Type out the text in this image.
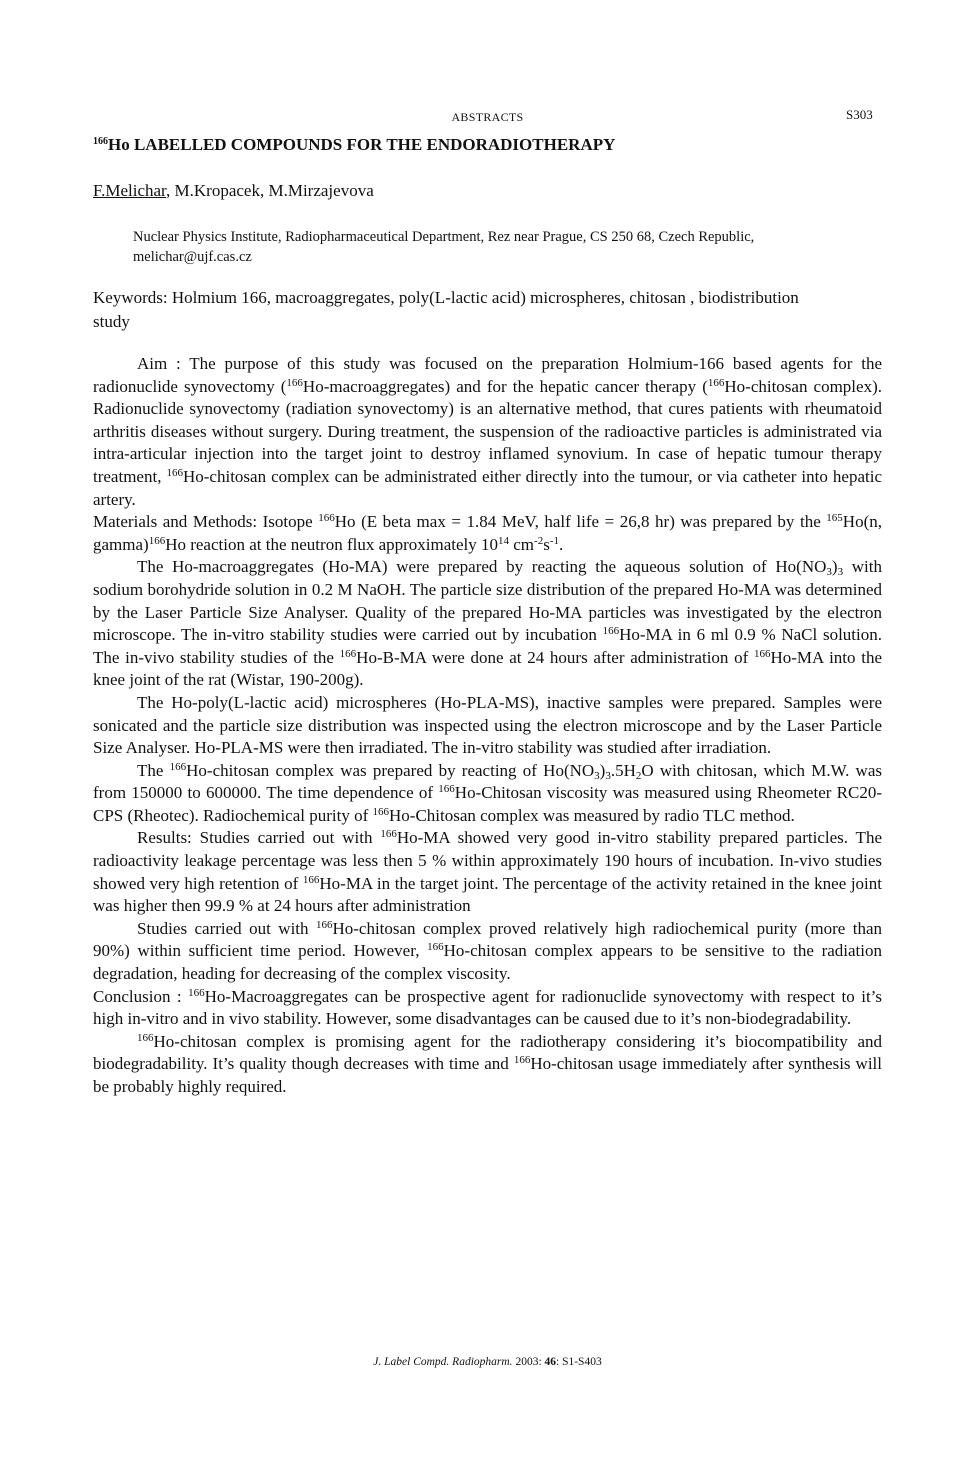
ABSTRACTS	S303
$^{166}$Ho LABELLED COMPOUNDS FOR THE ENDORADIOTHERAPY
F.Melichar, M.Kropacek, M.Mirzajevova
Nuclear Physics Institute, Radiopharmaceutical Department, Rez near Prague, CS 250 68, Czech Republic,
melichar@ujf.cas.cz
Keywords: Holmium 166, macroaggregates, poly(L-lactic acid) microspheres, chitosan , biodistribution study

Aim : The purpose of this study was focused on the preparation Holmium-166 based agents for the radionuclide synovectomy ($^{166}$Ho-macroaggregates) and for the hepatic cancer therapy ($^{166}$Ho-chitosan complex). Radionuclide synovectomy (radiation synovectomy) is an alternative method, that cures patients with rheumatoid arthritis diseases without surgery. During treatment, the suspension of the radioactive particles is administrated via intra-articular injection into the target joint to destroy inflamed synovium. In case of hepatic tumour therapy treatment, $^{166}$Ho-chitosan complex can be administrated either directly into the tumour, or via catheter into hepatic artery.

Materials and Methods: Isotope $^{166}$Ho (E beta max = 1.84 MeV, half life = 26,8 hr) was prepared by the $^{165}$Ho(n, gamma)$^{166}$Ho reaction at the neutron flux approximately $10^{14}$ $cm^{-2}s^{-1}$.

The Ho-macroaggregates (Ho-MA) were prepared by reacting the aqueous solution of $Ho(NO_3)_3$ with sodium borohydride solution in 0.2 M NaOH. The particle size distribution of the prepared Ho-MA was determined by the Laser Particle Size Analyser. Quality of the prepared Ho-MA particles was investigated by the electron microscope. The in-vitro stability studies were carried out by incubation $^{166}$Ho-MA in 6 ml 0.9 % NaCl solution. The in-vivo stability studies of the $^{166}$Ho-B-MA were done at 24 hours after administration of $^{166}$Ho-MA into the knee joint of the rat (Wistar, 190-200g).

The Ho-poly(L-lactic acid) microspheres (Ho-PLA-MS), inactive samples were prepared. Samples were sonicated and the particle size distribution was inspected using the electron microscope and by the Laser Particle Size Analyser. Ho-PLA-MS were then irradiated. The in-vitro stability was studied after irradiation.

The $^{166}$Ho-chitosan complex was prepared by reacting of $Ho(NO_3)_3.5H_2O$ with chitosan, which M.W. was from 150000 to 600000. The time dependence of $^{166}$Ho-Chitosan viscosity was measured using Rheometer RC20-CPS (Rheotec). Radiochemical purity of $^{166}$Ho-Chitosan complex was measured by radio TLC method.

Results: Studies carried out with $^{166}$Ho-MA showed very good in-vitro stability prepared particles. The radioactivity leakage percentage was less then 5 % within approximately 190 hours of incubation. In-vivo studies showed very high retention of $^{166}$Ho-MA in the target joint. The percentage of the activity retained in the knee joint was higher then 99.9 % at 24 hours after administration

Studies carried out with $^{166}$Ho-chitosan complex proved relatively high radiochemical purity (more than 90%) within sufficient time period. However, $^{166}$Ho-chitosan complex appears to be sensitive to the radiation degradation, heading for decreasing of the complex viscosity.

Conclusion : $^{166}$Ho-Macroaggregates can be prospective agent for radionuclide synovectomy with respect to it’s high in-vitro and in vivo stability. However, some disadvantages can be caused due to it’s non-biodegradability.

$^{166}$Ho-chitosan complex is promising agent for the radiotherapy considering it’s biocompatibility and biodegradability. It’s quality though decreases with time and $^{166}$Ho-chitosan usage immediately after synthesis will be probably highly required.

J. Label Compd. Radiopharm. 2003: 46: S1-S403
